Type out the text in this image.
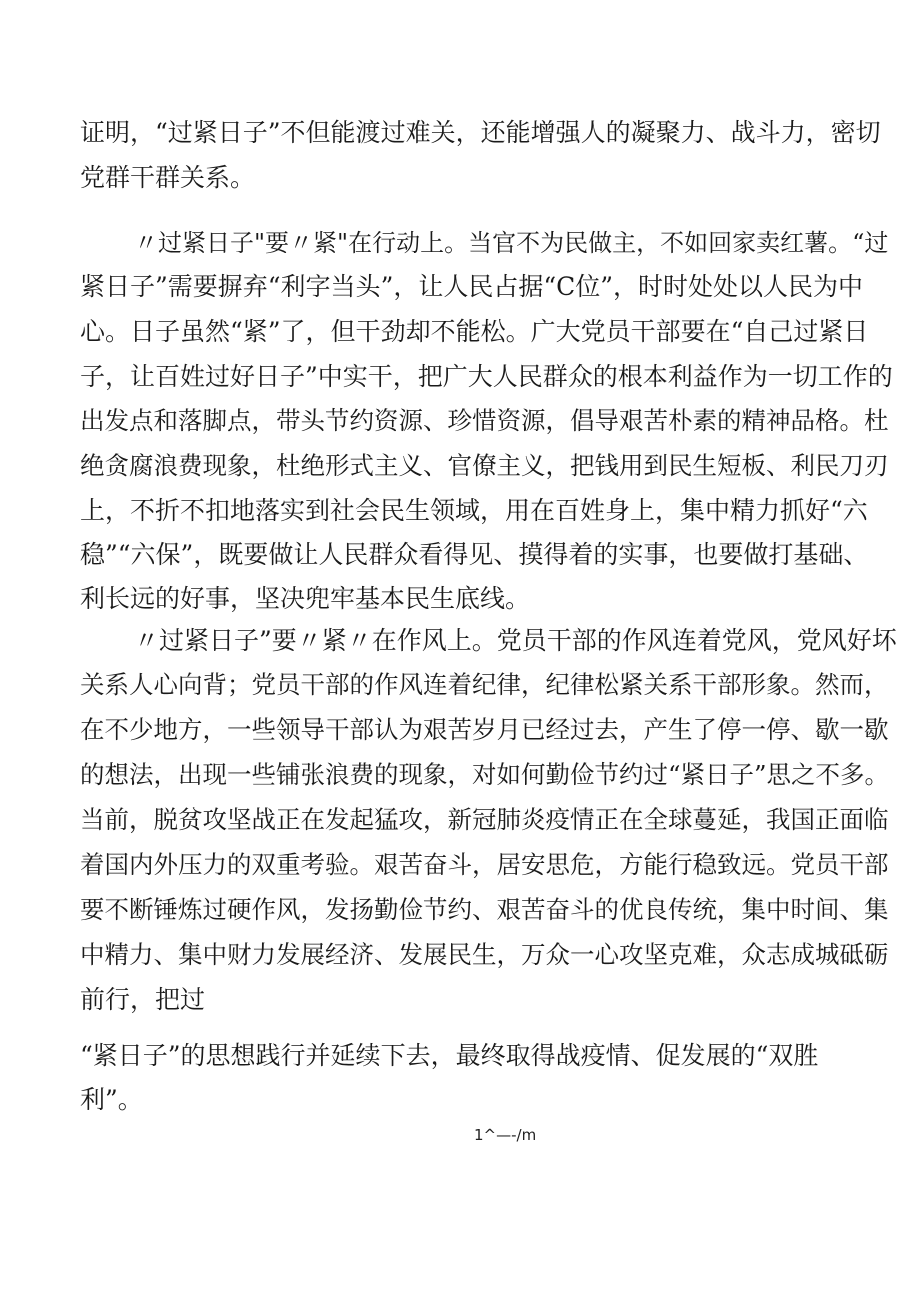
证明，“过紧日子”不但能渡过难关，还能增强人的凝聚力、战斗力，密切
党群干群关系。
〃过紧日子"要〃紧"在行动上。当官不为民做主，不如回家卖红薯。“过
紧日子”需要摒弃“利字当头”，让人民占据“C位”，时时处处以人民为中
心。日子虽然“紧”了，但干劲却不能松。广大党员干部要在“自己过紧日
子，让百姓过好日子”中实干，把广大人民群众的根本利益作为一切工作的
出发点和落脚点，带头节约资源、珍惜资源，倡导艰苦朴素的精神品格。杜
绝贪腐浪费现象，杜绝形式主义、官僚主义，把钱用到民生短板、利民刀刃
上，不折不扣地落实到社会民生领域，用在百姓身上，集中精力抓好“六
稳”“六保”，既要做让人民群众看得见、摸得着的实事，也要做打基础、
利长远的好事，坚决兜牢基本民生底线。
〃过紧日子”要〃紧〃在作风上。党员干部的作风连着党风，党风好坏
关系人心向背；党员干部的作风连着纪律，纪律松紧关系干部形象。然而，
在不少地方，一些领导干部认为艰苦岁月已经过去，产生了停一停、歇一歇
的想法，出现一些铺张浪费的现象，对如何勤俭节约过“紧日子”思之不多。
当前，脱贫攻坚战正在发起猛攻，新冠肺炎疫情正在全球蔓延，我国正面临
着国内外压力的双重考验。艰苦奋斗，居安思危，方能行稳致远。党员干部
要不断锤炼过硬作风，发扬勤俭节约、艰苦奋斗的优良传统，集中时间、集
中精力、集中财力发展经济、发展民生，万众一心攻坚克难，众志成城砥砺
前行，把过
“紧日子”的思想践行并延续下去，最终取得战疫情、促发展的“双胜
利”。
1^—-/m
